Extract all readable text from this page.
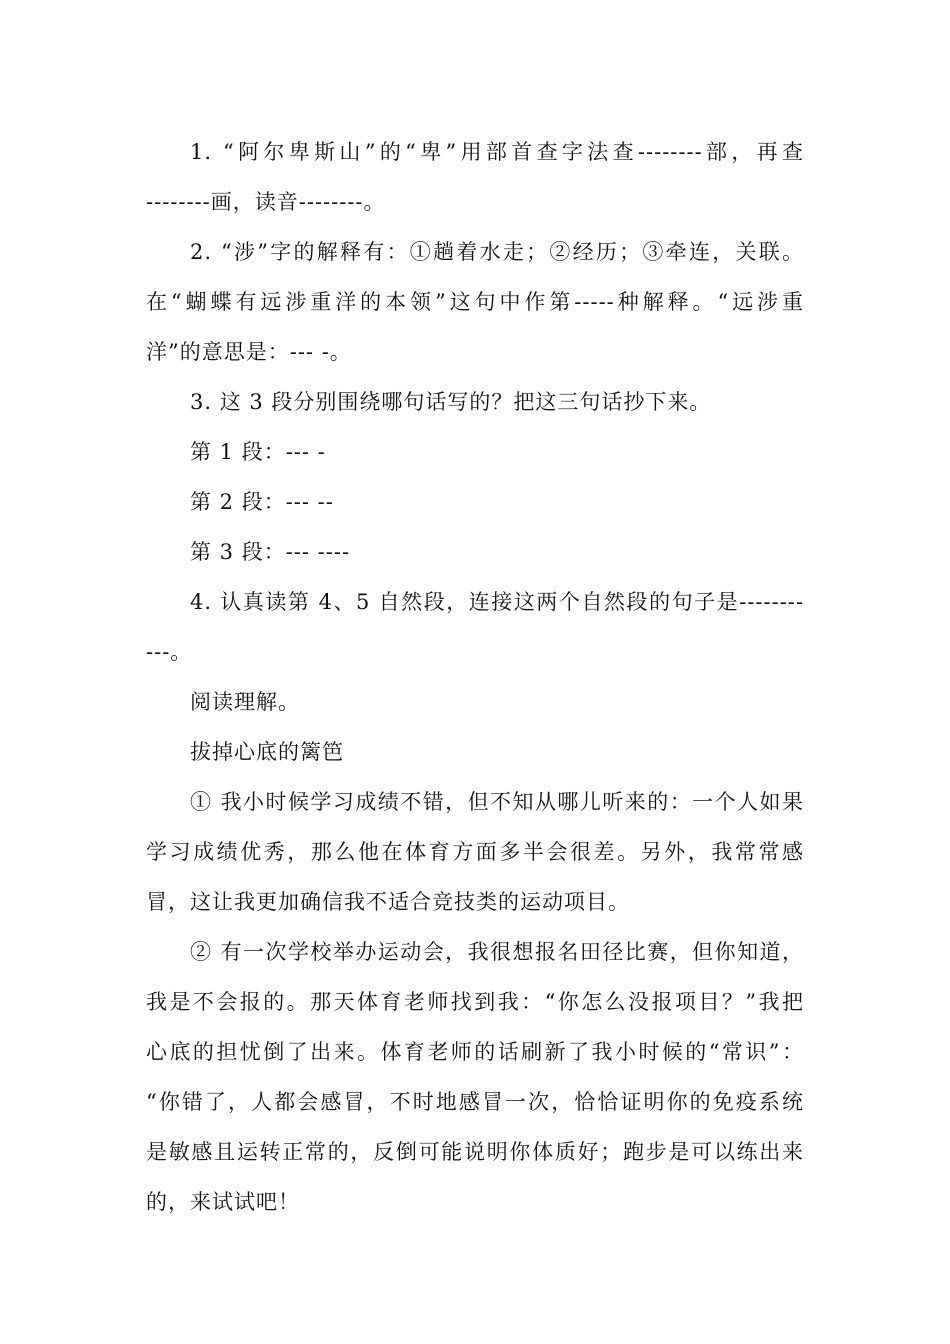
1. “阿尔卑斯山”的“卑”用部首查字法查--------部，再查
--------画，读音--------。
2. “涉”字的解释有：①趟着水走；②经历；③牵连，关联。
在“蝴蝶有远涉重洋的本领”这句中作第-----种解释。“远涉重
洋”的意思是：--- -。
3. 这 3 段分别围绕哪句话写的？把这三句话抄下来。
第 1 段：--- -
第 2 段：--- --
第 3 段：--- ----
4. 认真读第 4、5 自然段，连接这两个自然段的句子是--------
---。
阅读理解。
拔掉心底的篱笆
① 我小时候学习成绩不错，但不知从哪儿听来的：一个人如果
学习成绩优秀，那么他在体育方面多半会很差。另外，我常常感
冒，这让我更加确信我不适合竞技类的运动项目。
② 有一次学校举办运动会，我很想报名田径比赛，但你知道，
我是不会报的。那天体育老师找到我：“你怎么没报项目？”我把
心底的担忧倒了出来。体育老师的话刷新了我小时候的“常识”：
“你错了，人都会感冒，不时地感冒一次，恰恰证明你的免疫系统
是敏感且运转正常的，反倒可能说明你体质好；跑步是可以练出来
的，来试试吧！
